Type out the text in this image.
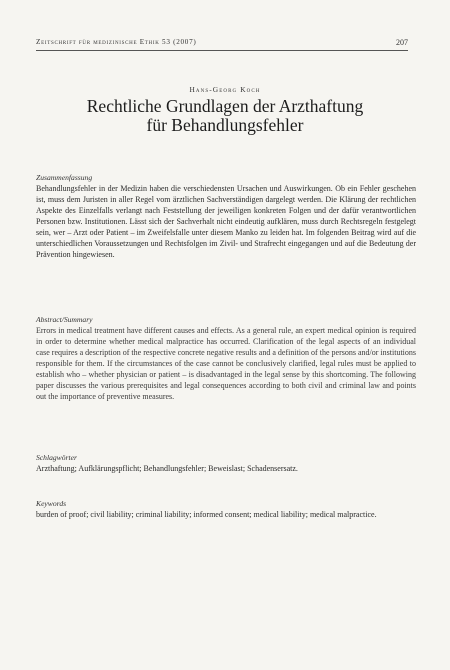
Zeitschrift für medizinische Ethik 53 (2007)	207
Hans-Georg Koch
Rechtliche Grundlagen der Arzthaftung
für Behandlungsfehler
Zusammenfassung
Behandlungsfehler in der Medizin haben die verschiedensten Ursachen und Auswirkungen. Ob ein Fehler geschehen ist, muss dem Juristen in aller Regel vom ärztlichen Sachverständigen dargelegt werden. Die Klärung der rechtlichen Aspekte des Einzelfalls verlangt nach Feststellung der jeweiligen konkreten Folgen und der dafür verantwortlichen Personen bzw. Institutionen. Lässt sich der Sachverhalt nicht eindeutig aufklären, muss durch Rechtsregeln festgelegt sein, wer – Arzt oder Patient – im Zweifelsfalle unter diesem Manko zu leiden hat. Im folgenden Beitrag wird auf die unterschiedlichen Voraussetzungen und Rechtsfolgen im Zivil- und Strafrecht eingegangen und auf die Bedeutung der Prävention hingewiesen.
Abstract/Summary
Errors in medical treatment have different causes and effects. As a general rule, an expert medical opinion is required in order to determine whether medical malpractice has occurred. Clarification of the legal aspects of an individual case requires a description of the respective concrete negative results and a definition of the persons and/or institutions responsible for them. If the circumstances of the case cannot be conclusively clarified, legal rules must be applied to establish who – whether physician or patient – is disadvantaged in the legal sense by this shortcoming. The following paper discusses the various prerequisites and legal consequences according to both civil and criminal law and points out the importance of preventive measures.
Schlagwörter
Arzthaftung; Aufklärungspflicht; Behandlungsfehler; Beweislast; Schadensersatz.
Keywords
burden of proof; civil liability; criminal liability; informed consent; medical liability; medical malpractice.
